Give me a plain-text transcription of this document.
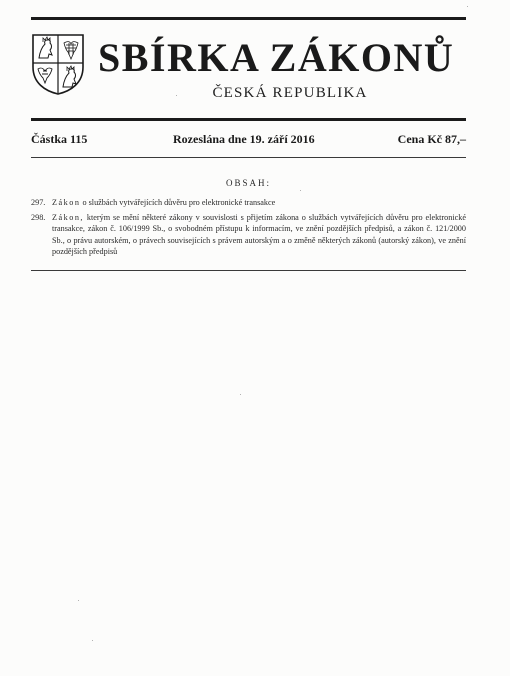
SBÍRKA ZÁKONŮ
ČESKÁ REPUBLIKA
Částka 115	Rozeslána dne 19. září 2016	Cena Kč 87,–
OBSAH:
297. Zákon o službách vytvářejících důvěru pro elektronické transakce
298. Zákon, kterým se mění některé zákony v souvislosti s přijetím zákona o službách vytvářejících důvěru pro elektronické transakce, zákon č. 106/1999 Sb., o svobodném přístupu k informacím, ve znění pozdějších předpisů, a zákon č. 121/2000 Sb., o právu autorském, o právech souvisejících s právem autorským a o změně některých zákonů (autorský zákon), ve znění pozdějších předpisů
